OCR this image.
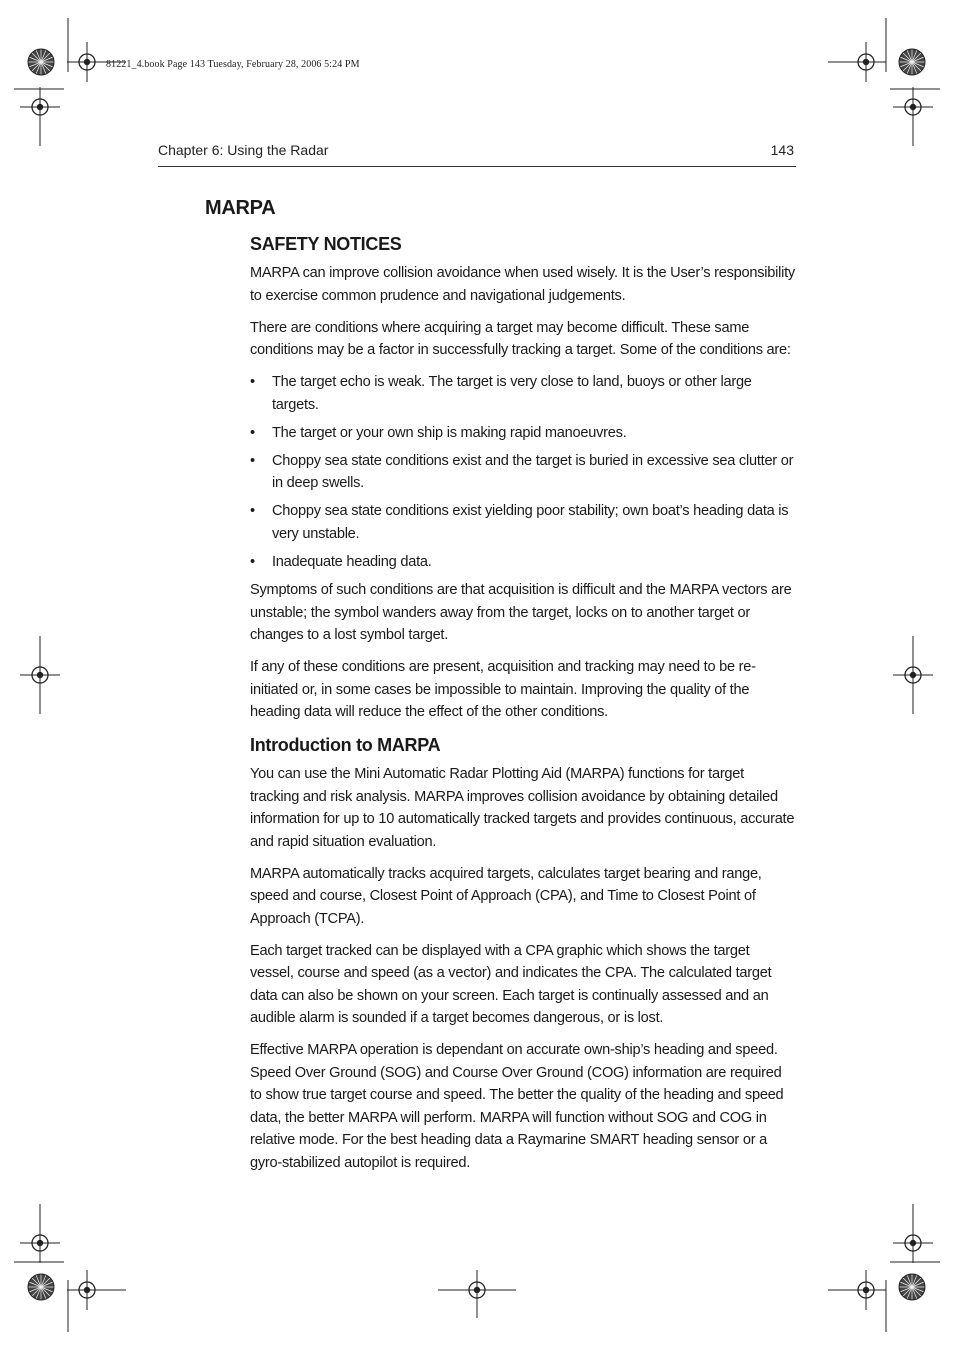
81221_4.book Page 143 Tuesday, February 28, 2006 5:24 PM
Chapter 6: Using the Radar	143
MARPA
SAFETY NOTICES

MARPA can improve collision avoidance when used wisely. It is the User’s responsibility to exercise common prudence and navigational judgements.

There are conditions where acquiring a target may become difficult. These same conditions may be a factor in successfully tracking a target. Some of the conditions are:

• The target echo is weak. The target is very close to land, buoys or other large targets.
• The target or your own ship is making rapid manoeuvres.
• Choppy sea state conditions exist and the target is buried in excessive sea clutter or in deep swells.
• Choppy sea state conditions exist yielding poor stability; own boat’s heading data is very unstable.
• Inadequate heading data.

Symptoms of such conditions are that acquisition is difficult and the MARPA vectors are unstable; the symbol wanders away from the target, locks on to another target or changes to a lost symbol target.

If any of these conditions are present, acquisition and tracking may need to be re-initiated or, in some cases be impossible to maintain. Improving the quality of the heading data will reduce the effect of the other conditions.

Introduction to MARPA

You can use the Mini Automatic Radar Plotting Aid (MARPA) functions for target tracking and risk analysis. MARPA improves collision avoidance by obtaining detailed information for up to 10 automatically tracked targets and provides continuous, accurate and rapid situation evaluation.

MARPA automatically tracks acquired targets, calculates target bearing and range, speed and course, Closest Point of Approach (CPA), and Time to Closest Point of Approach (TCPA).

Each target tracked can be displayed with a CPA graphic which shows the target vessel, course and speed (as a vector) and indicates the CPA. The calculated target data can also be shown on your screen. Each target is continually assessed and an audible alarm is sounded if a target becomes dangerous, or is lost.

Effective MARPA operation is dependant on accurate own-ship’s heading and speed. Speed Over Ground (SOG) and Course Over Ground (COG) information are required to show true target course and speed. The better the quality of the heading and speed data, the better MARPA will perform. MARPA will function without SOG and COG in relative mode. For the best heading data a Raymarine SMART heading sensor or a gyro-stabilized autopilot is required.
